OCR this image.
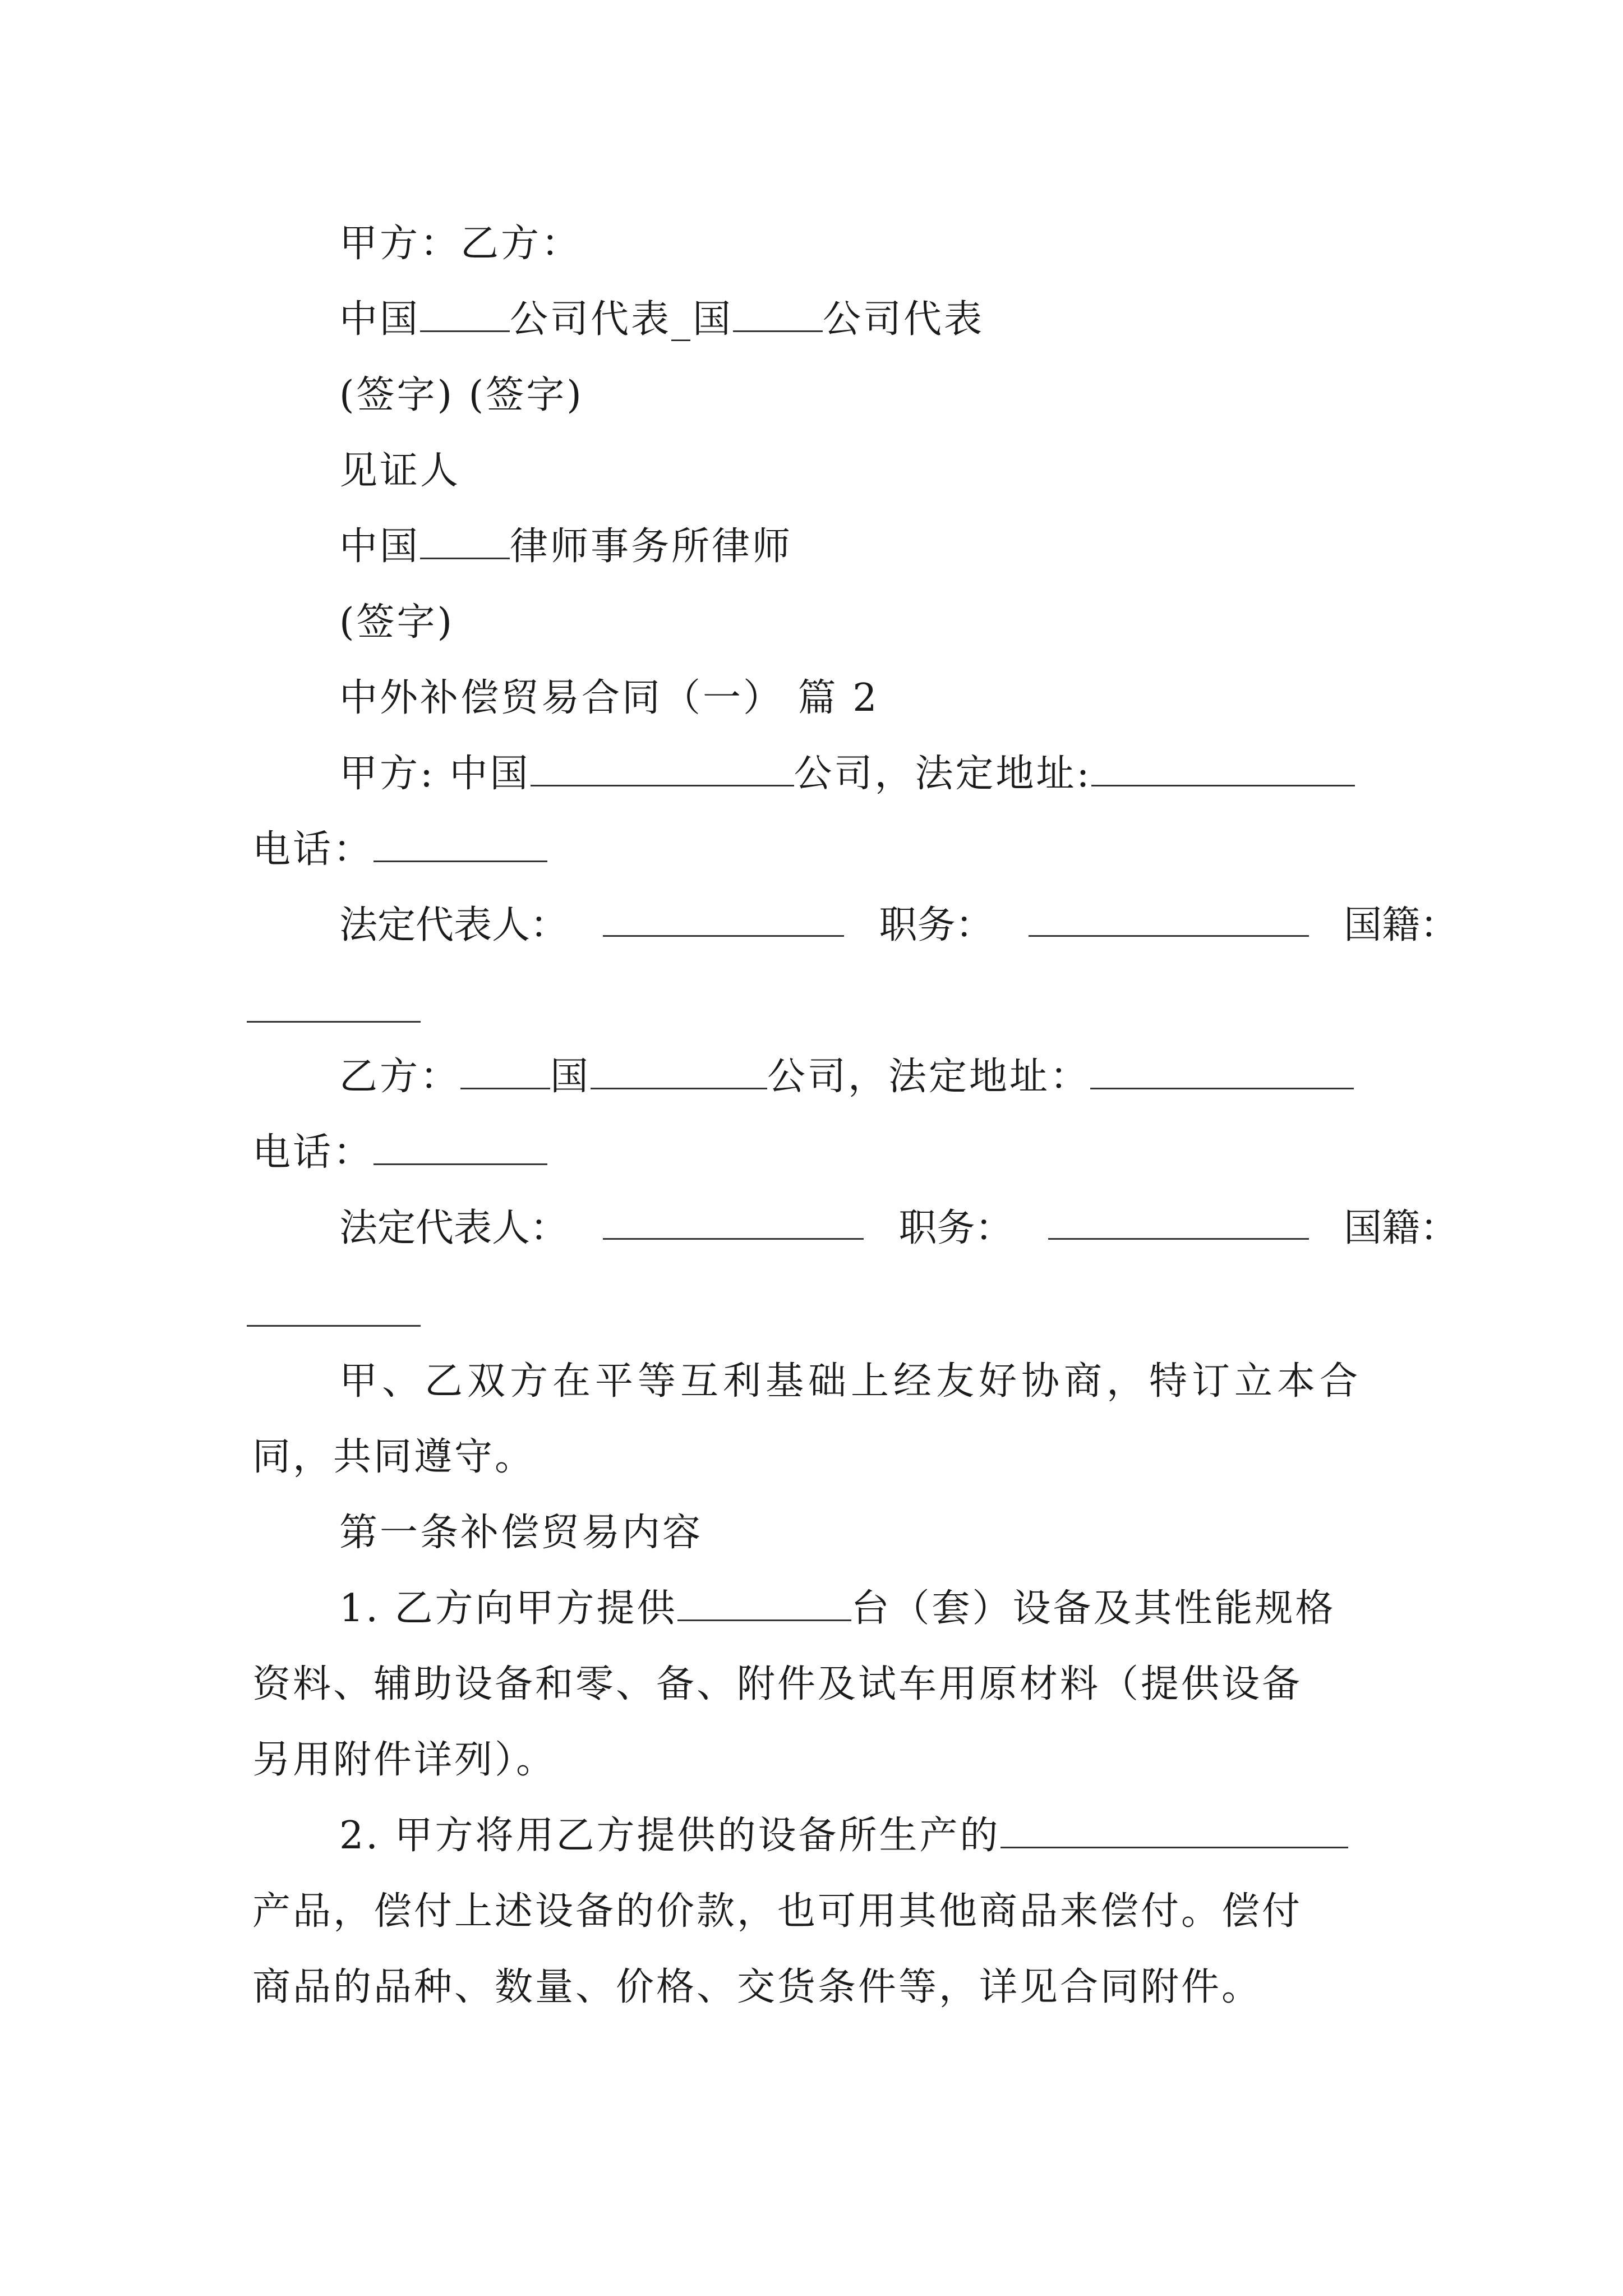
甲方：乙方：
中国 公司代表_国 公司代表
(签字) (签字)
见证人
中国 律师事务所律师
(签字)
中外补偿贸易合同（一） 篇 2
甲方: 中国	公司，法定地址:
电话：
法定代表人：	职务：	国籍：
乙方： 国	公司，法定地址：
电话：
法定代表人：	职务：	国籍：
甲、乙双方在平等互利基础上经友好协商，特订立本合
同，共同遵守。
第一条补偿贸易内容
1. 乙方向甲方提供	台（套）设备及其性能规格
资料、辅助设备和零、备、附件及试车用原材料（提供设备
另用附件详列）。
2. 甲方将用乙方提供的设备所生产的
产品，偿付上述设备的价款，也可用其他商品来偿付。偿付
商品的品种、数量、价格、交货条件等，详见合同附件。
